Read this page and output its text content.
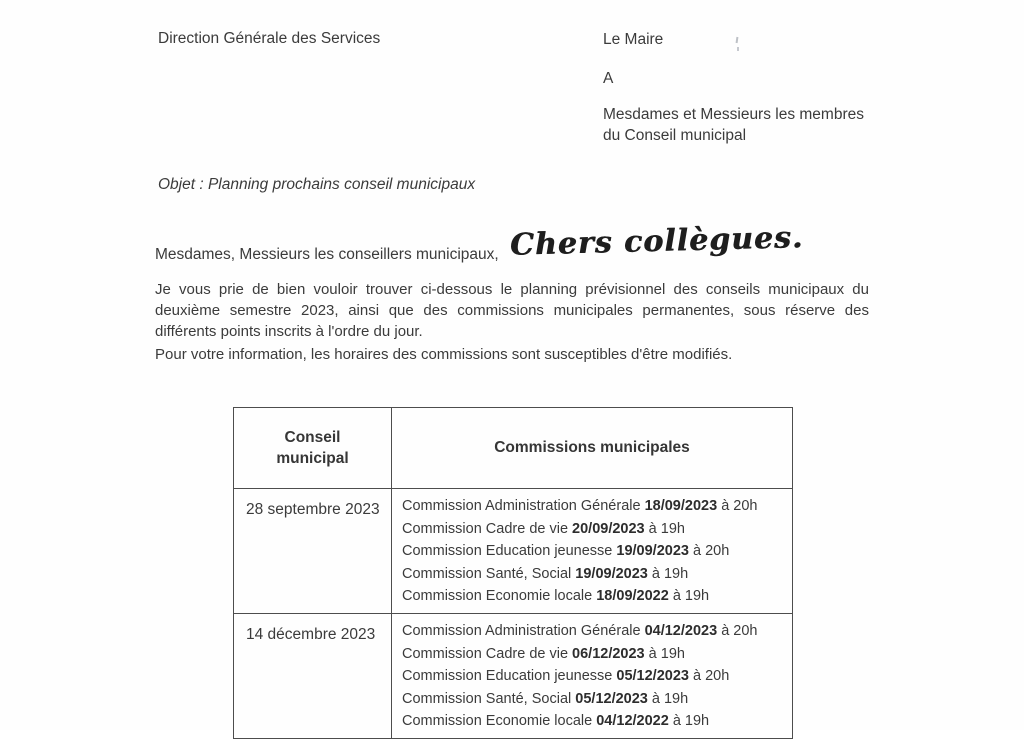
Direction Générale des Services	Le Maire
A
Mesdames et Messieurs les membres
du Conseil municipal
Objet : Planning prochains conseil municipaux
Mesdames, Messieurs les conseillers municipaux, Chers collègues.
Je vous prie de bien vouloir trouver ci-dessous le planning prévisionnel des conseils municipaux du deuxième semestre 2023, ainsi que des commissions municipales permanentes, sous réserve des différents points inscrits à l'ordre du jour.
Pour votre information, les horaires des commissions sont susceptibles d'être modifiés.
Conseil municipal	Commissions municipales
28 septembre 2023	Commission Administration Générale 18/09/2023 à 20h
Commission Cadre de vie 20/09/2023 à 19h
Commission Education jeunesse 19/09/2023 à 20h
Commission Santé, Social 19/09/2023 à 19h
Commission Economie locale 18/09/2022 à 19h

14 décembre 2023	Commission Administration Générale 04/12/2023 à 20h
Commission Cadre de vie 06/12/2023 à 19h
Commission Education jeunesse 05/12/2023 à 20h
Commission Santé, Social 05/12/2023 à 19h
Commission Economie locale 04/12/2022 à 19h
